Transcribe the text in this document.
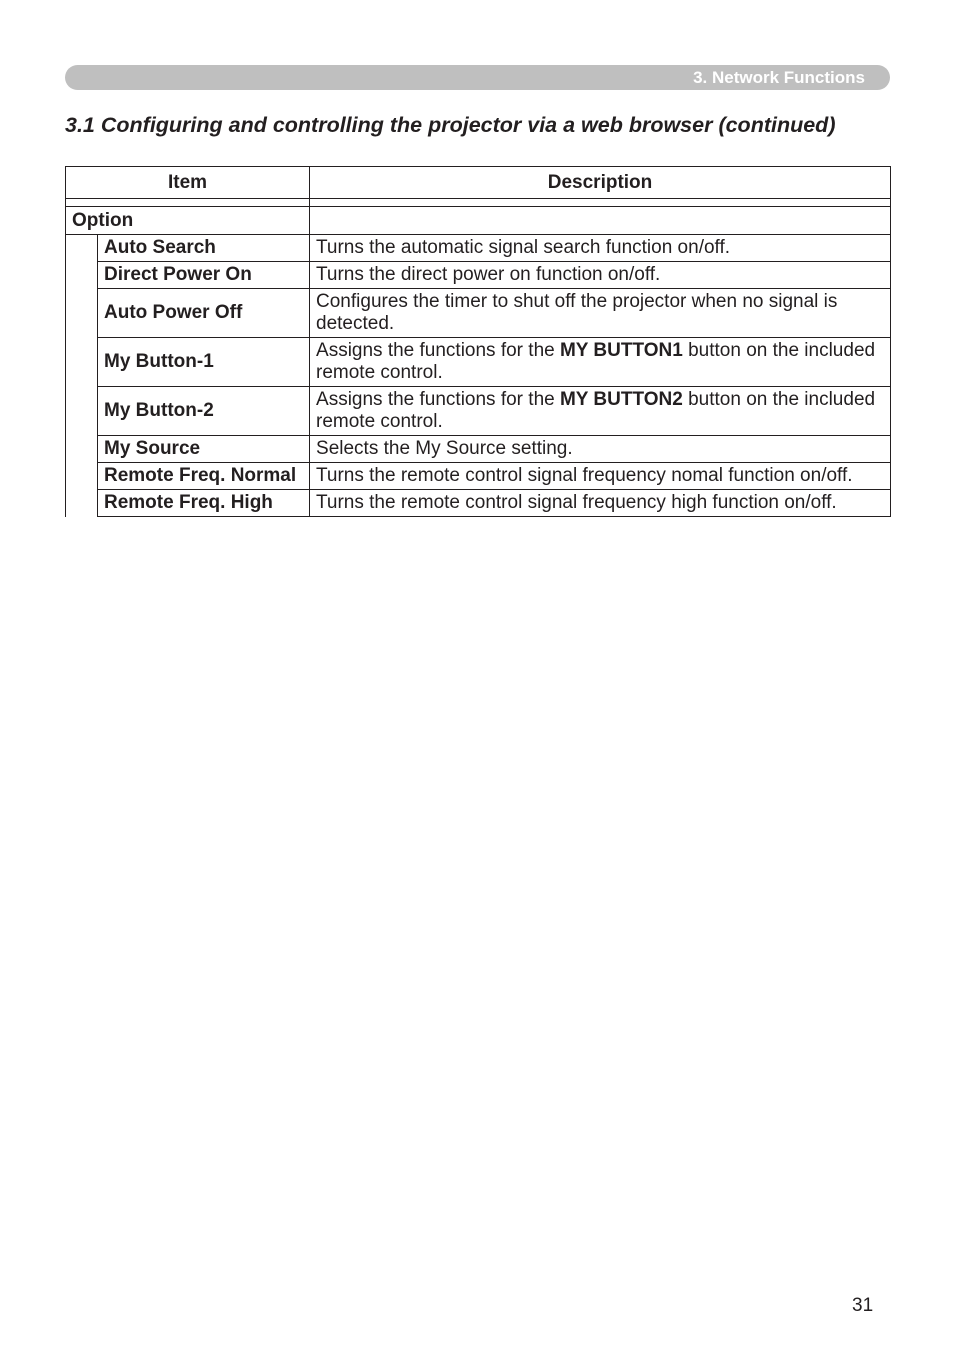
3. Network Functions
3.1 Configuring and controlling the projector via a web browser (continued)
Item		Description

Option		
	Auto Search	Turns the automatic signal search function on/off.
	Direct Power On	Turns the direct power on function on/off.
	Auto Power Off	Configures the timer to shut off the projector when no signal is detected.
	My Button-1	Assigns the functions for the MY BUTTON1 button on the included remote control.
	My Button-2	Assigns the functions for the MY BUTTON2 button on the included remote control.
	My Source	Selects the My Source setting.
	Remote Freq. Normal	Turns the remote control signal frequency nomal function on/off.
	Remote Freq. High	Turns the remote control signal frequency high function on/off.
31
